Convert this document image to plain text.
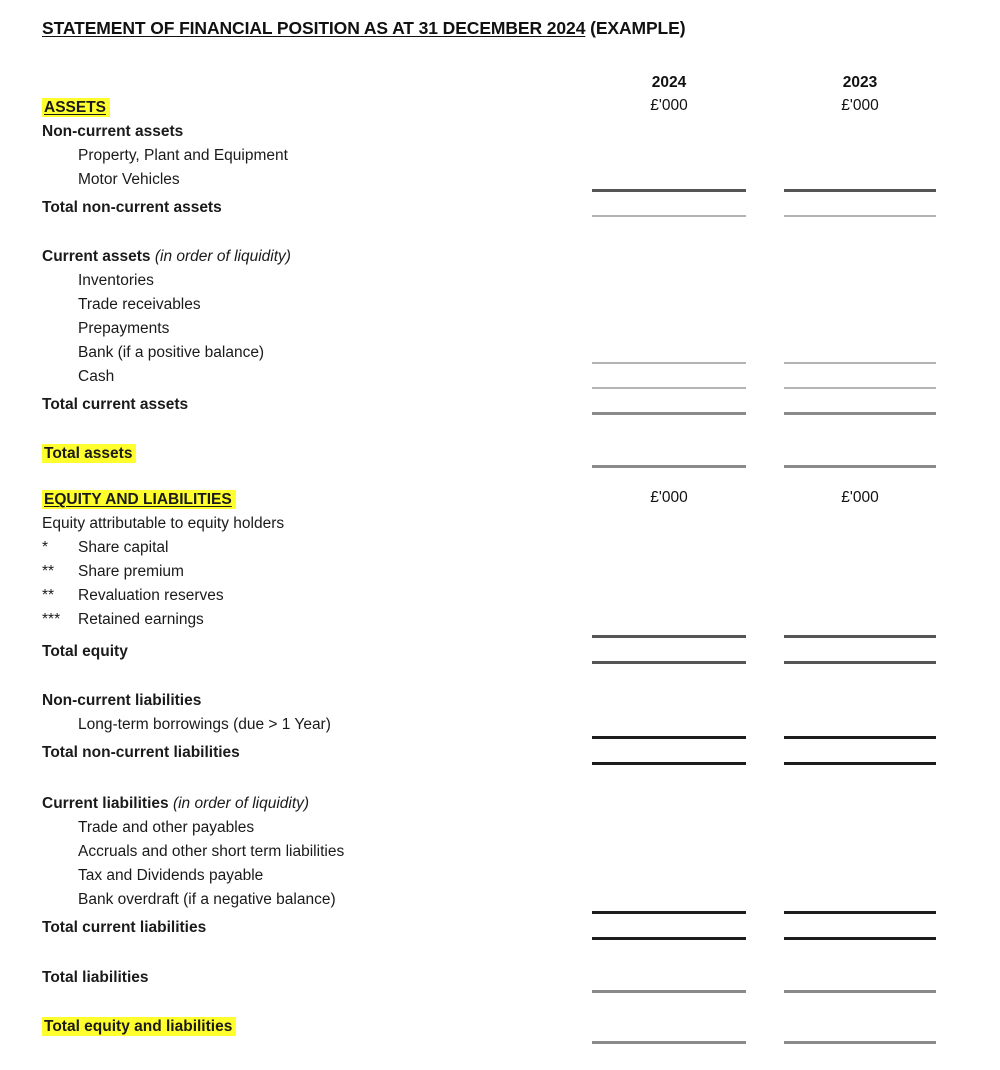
STATEMENT OF FINANCIAL POSITION AS AT 31 DECEMBER 2024 (EXAMPLE)
2024	2023
£'000	£'000
ASSETS
Non-current assets
Property, Plant and Equipment
Motor Vehicles
Total non-current assets
Current assets (in order of liquidity)
Inventories
Trade receivables
Prepayments
Bank (if a positive balance)
Cash
Total current assets
Total assets
£'000	£'000
EQUITY AND LIABILITIES
Equity attributable to equity holders
* Share capital
** Share premium
** Revaluation reserves
*** Retained earnings
Total equity
Non-current liabilities
Long-term borrowings (due > 1 Year)
Total non-current liabilities
Current liabilities (in order of liquidity)
Trade and other payables
Accruals and other short term liabilities
Tax and Dividends payable
Bank overdraft (if a negative balance)
Total current liabilities
Total liabilities
Total equity and liabilities
